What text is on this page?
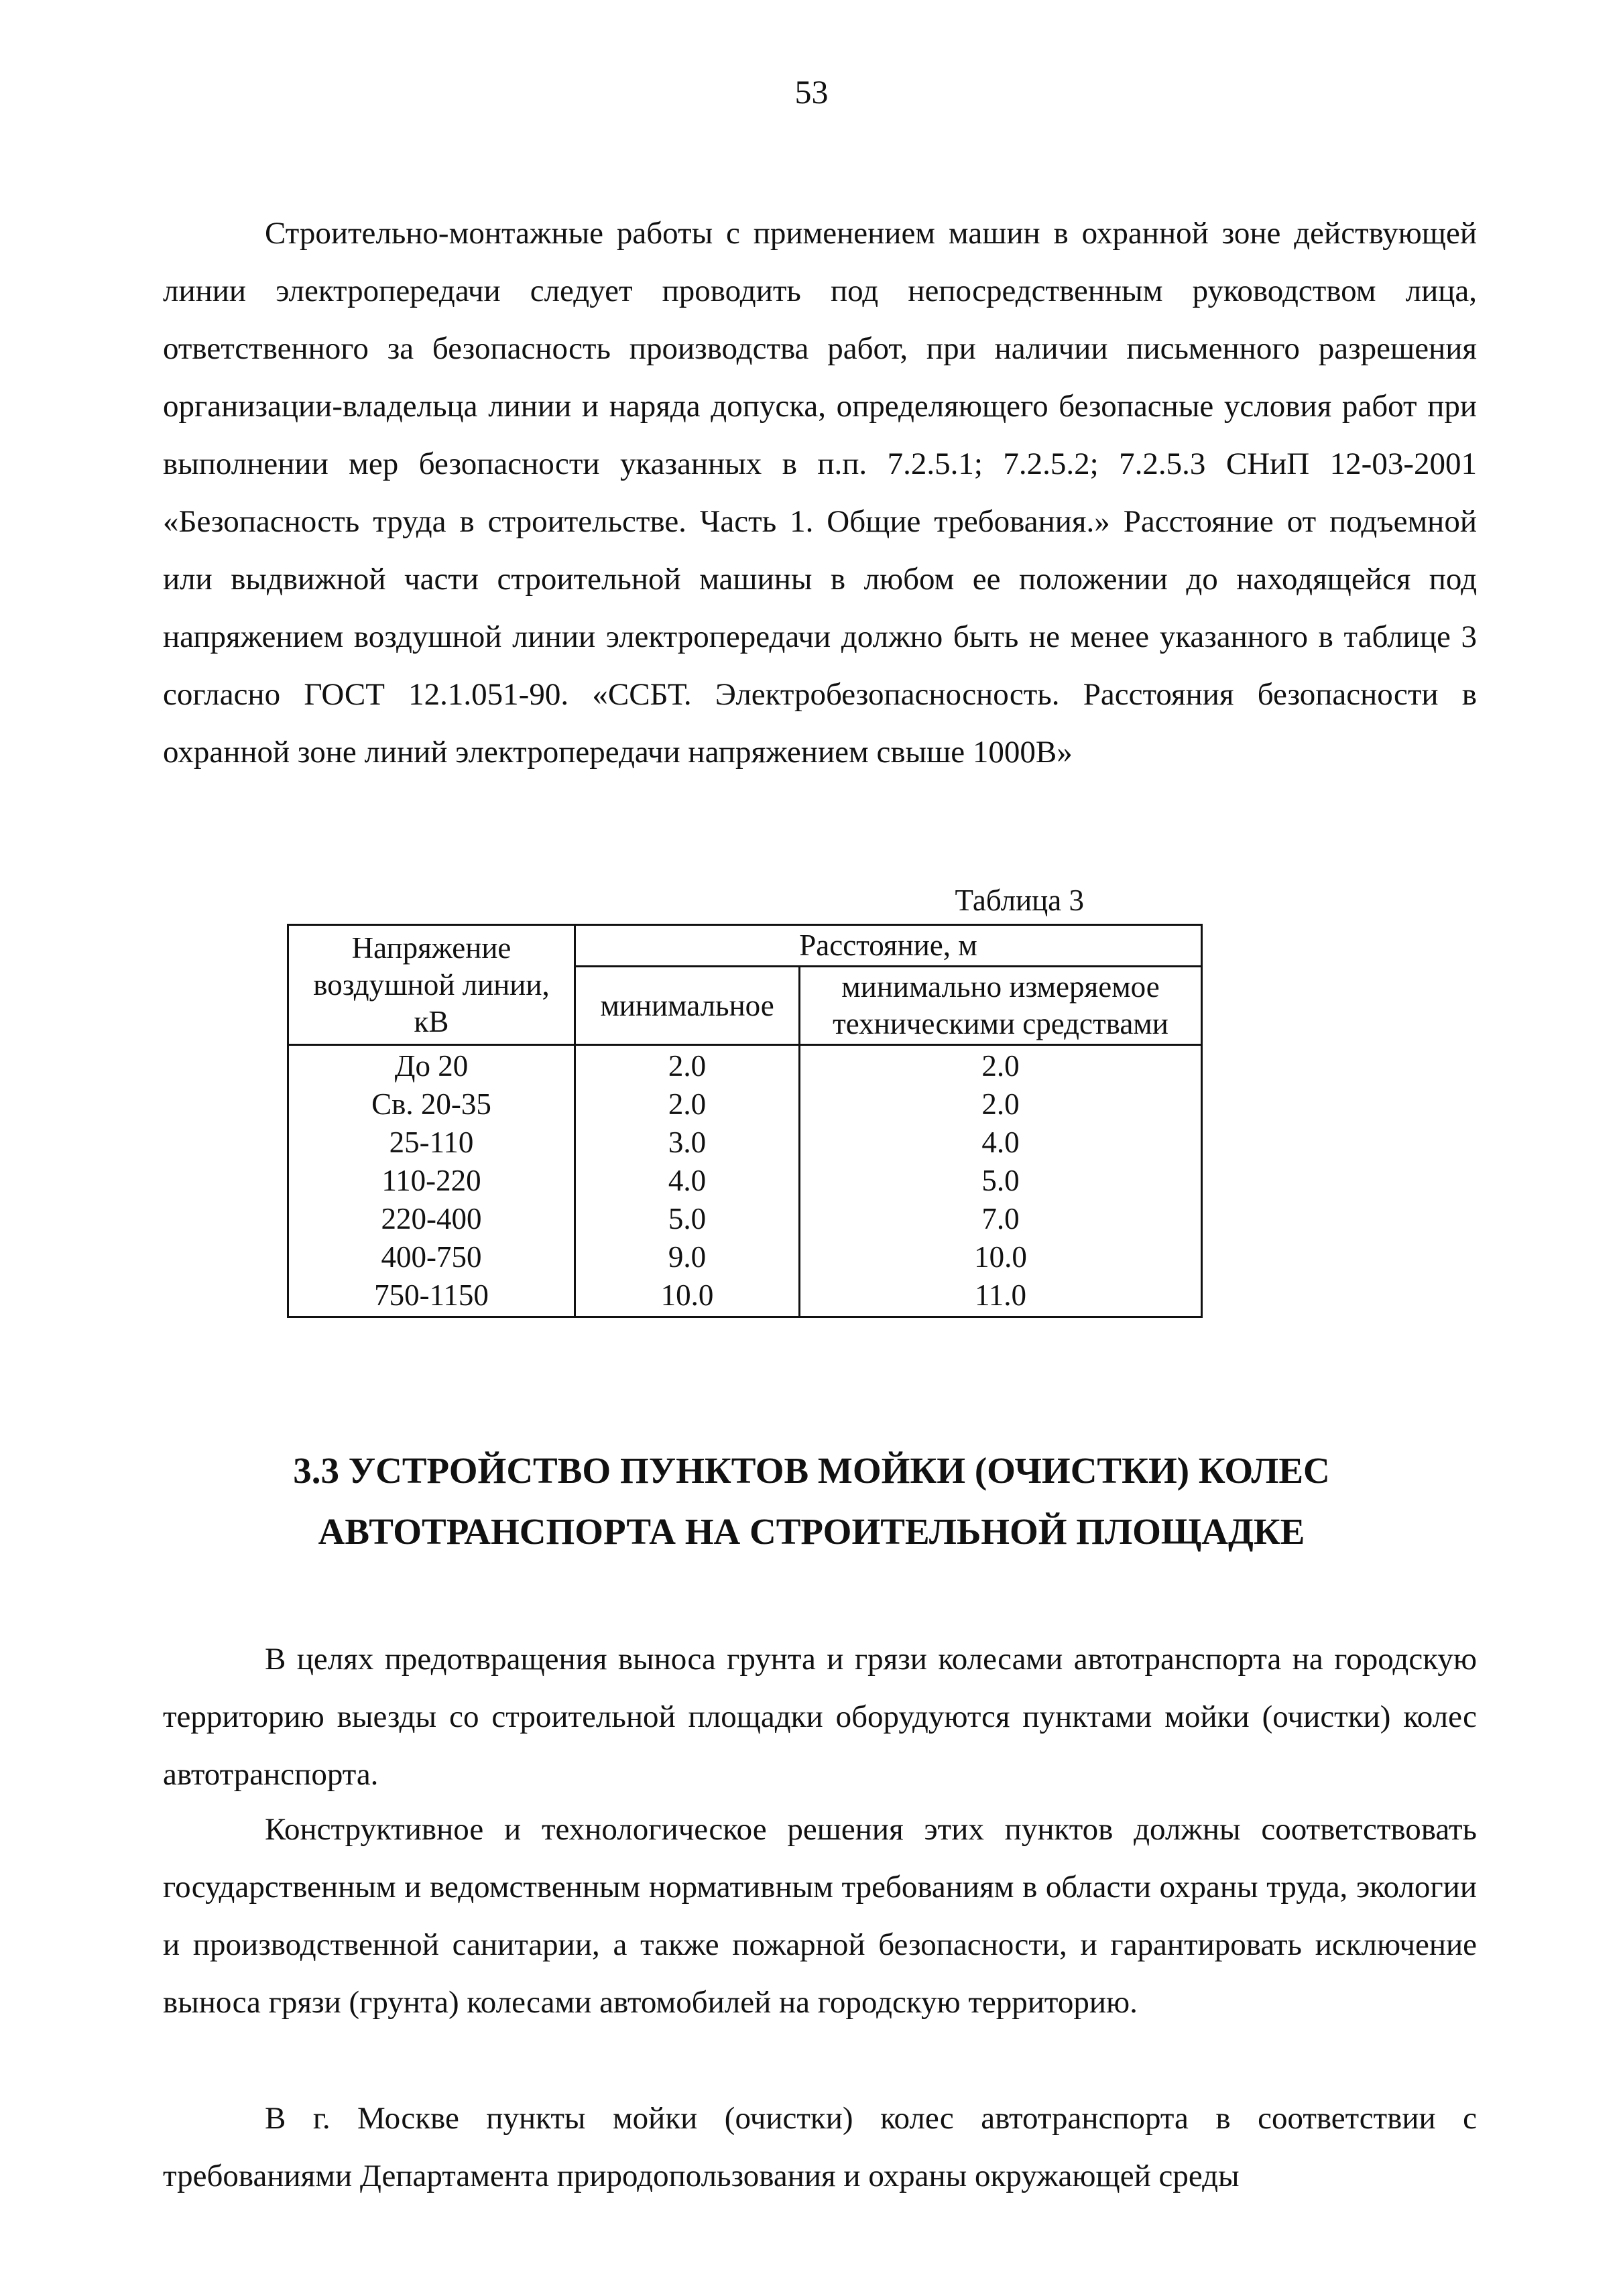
53

Строительно-монтажные работы с применением машин в охранной зоне действующей линии электропередачи следует проводить под непосредственным руководством лица, ответственного за безопасность производства работ, при наличии письменного разрешения организации-владельца линии и наряда допуска, определяющего безопасные условия работ при выполнении мер безопасности указанных в п.п. 7.2.5.1; 7.2.5.2; 7.2.5.3 СНиП 12-03-2001 «Безопасность труда в строительстве. Часть 1. Общие требования.» Расстояние от подъемной или выдвижной части строительной машины в любом ее положении до находящейся под напряжением воздушной линии электропередачи должно быть не менее указанного в таблице 3 согласно ГОСТ 12.1.051-90. «ССБТ. Электробезопасносность. Расстояния безопасности в охранной зоне линий электропередачи напряжением свыше 1000В»

Таблица 3
Напряжение воздушной линии, кВ	Расстояние, м	
	минимальное	минимально измеряемое техническими средствами
До 20	2.0	2.0
Св. 20-35	2.0	2.0
25-110	3.0	4.0
110-220	4.0	5.0
220-400	5.0	7.0
400-750	9.0	10.0
750-1150	10.0	11.0
3.3 УСТРОЙСТВО ПУНКТОВ МОЙКИ (ОЧИСТКИ) КОЛЕС
АВТОТРАНСПОРТА НА СТРОИТЕЛЬНОЙ ПЛОЩАДКЕ

В целях предотвращения выноса грунта и грязи колесами автотранспорта на городскую территорию выезды со строительной площадки оборудуются пунктами мойки (очистки) колес автотранспорта.

Конструктивное и технологическое решения этих пунктов должны соответствовать государственным и ведомственным нормативным требованиям в области охраны труда, экологии и производственной санитарии, а также пожарной безопасности, и гарантировать исключение выноса грязи (грунта) колесами автомобилей на городскую территорию.

В г. Москве пункты мойки (очистки) колес автотранспорта в соответствии с требованиями Департамента природопользования и охраны окружающей среды
